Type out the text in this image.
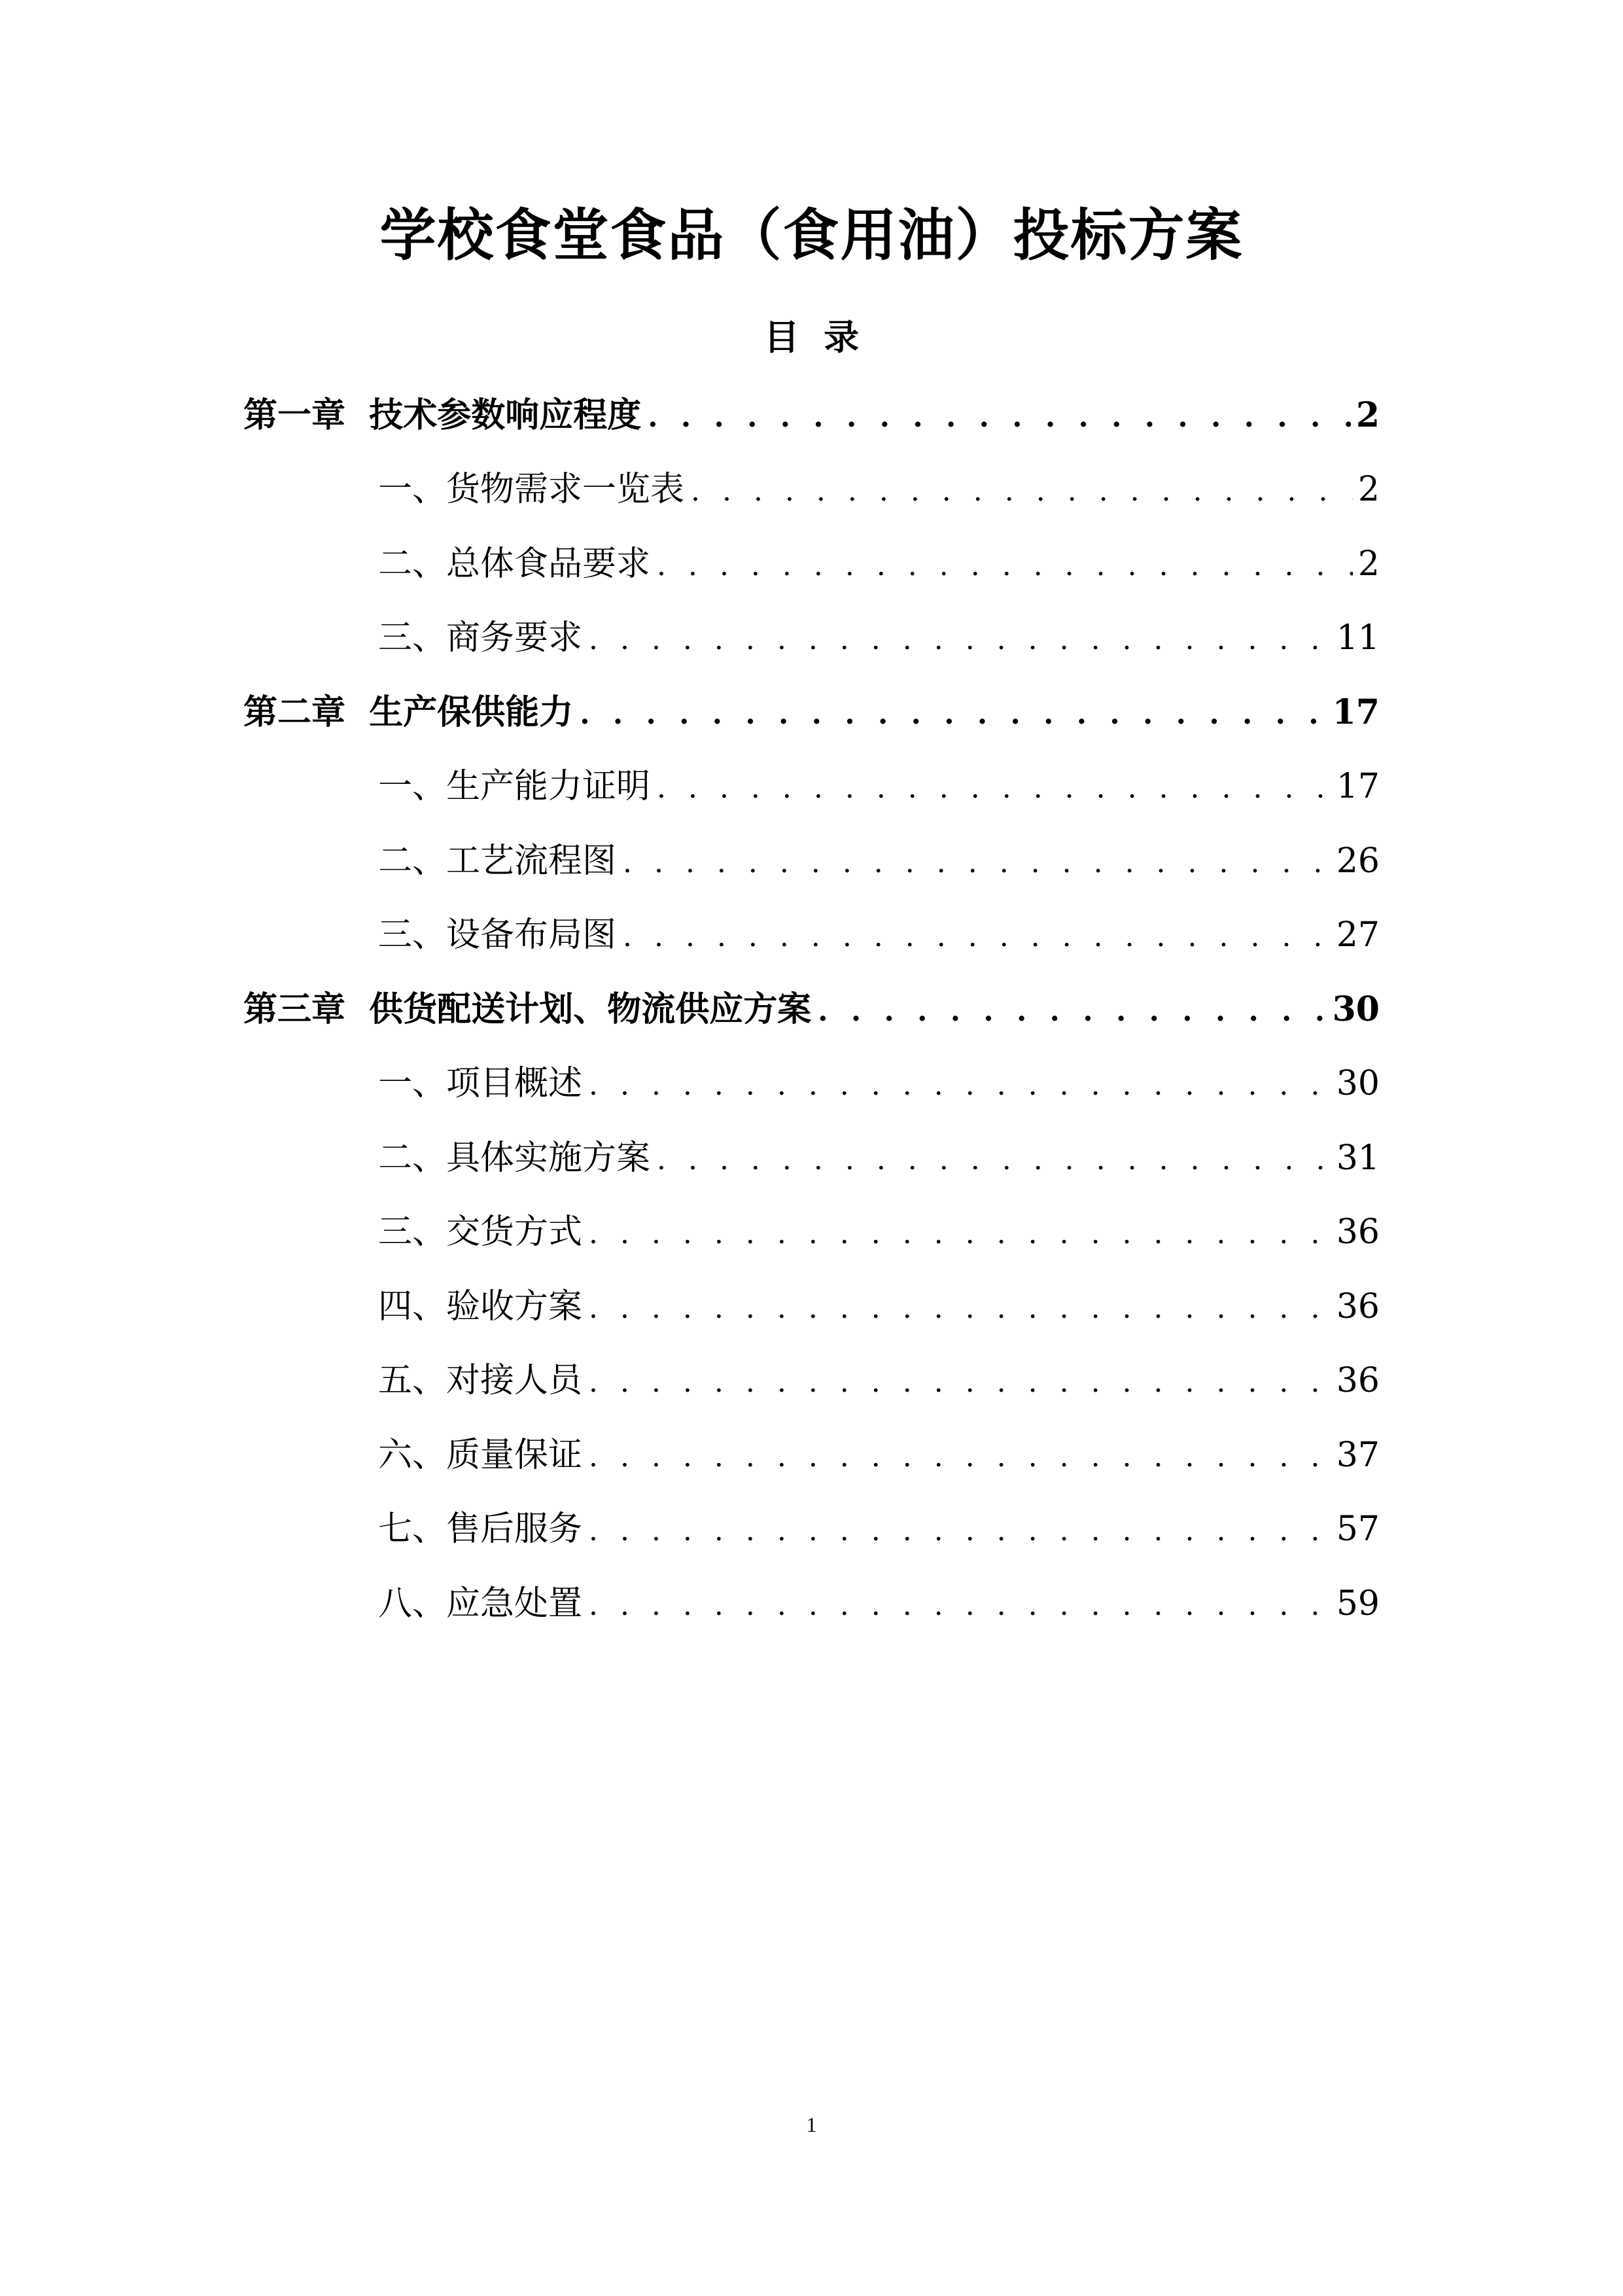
学校食堂食品（食用油）投标方案
目  录
第一章  技术参数响应程度 . . .	2
一、货物需求一览表 . . .	2
二、总体食品要求 . . .	2
三、商务要求 . . .	11
第二章  生产保供能力 . . .	17
一、生产能力证明 . . .	17
二、工艺流程图 . . .	26
三、设备布局图 . . .	27
第三章  供货配送计划、物流供应方案 . . .	30
一、项目概述 . . .	30
二、具体实施方案 . . .	31
三、交货方式 . . .	36
四、验收方案 . . .	36
五、对接人员 . . .	36
六、质量保证 . . .	37
七、售后服务 . . .	57
八、应急处置 . . .	59
1
